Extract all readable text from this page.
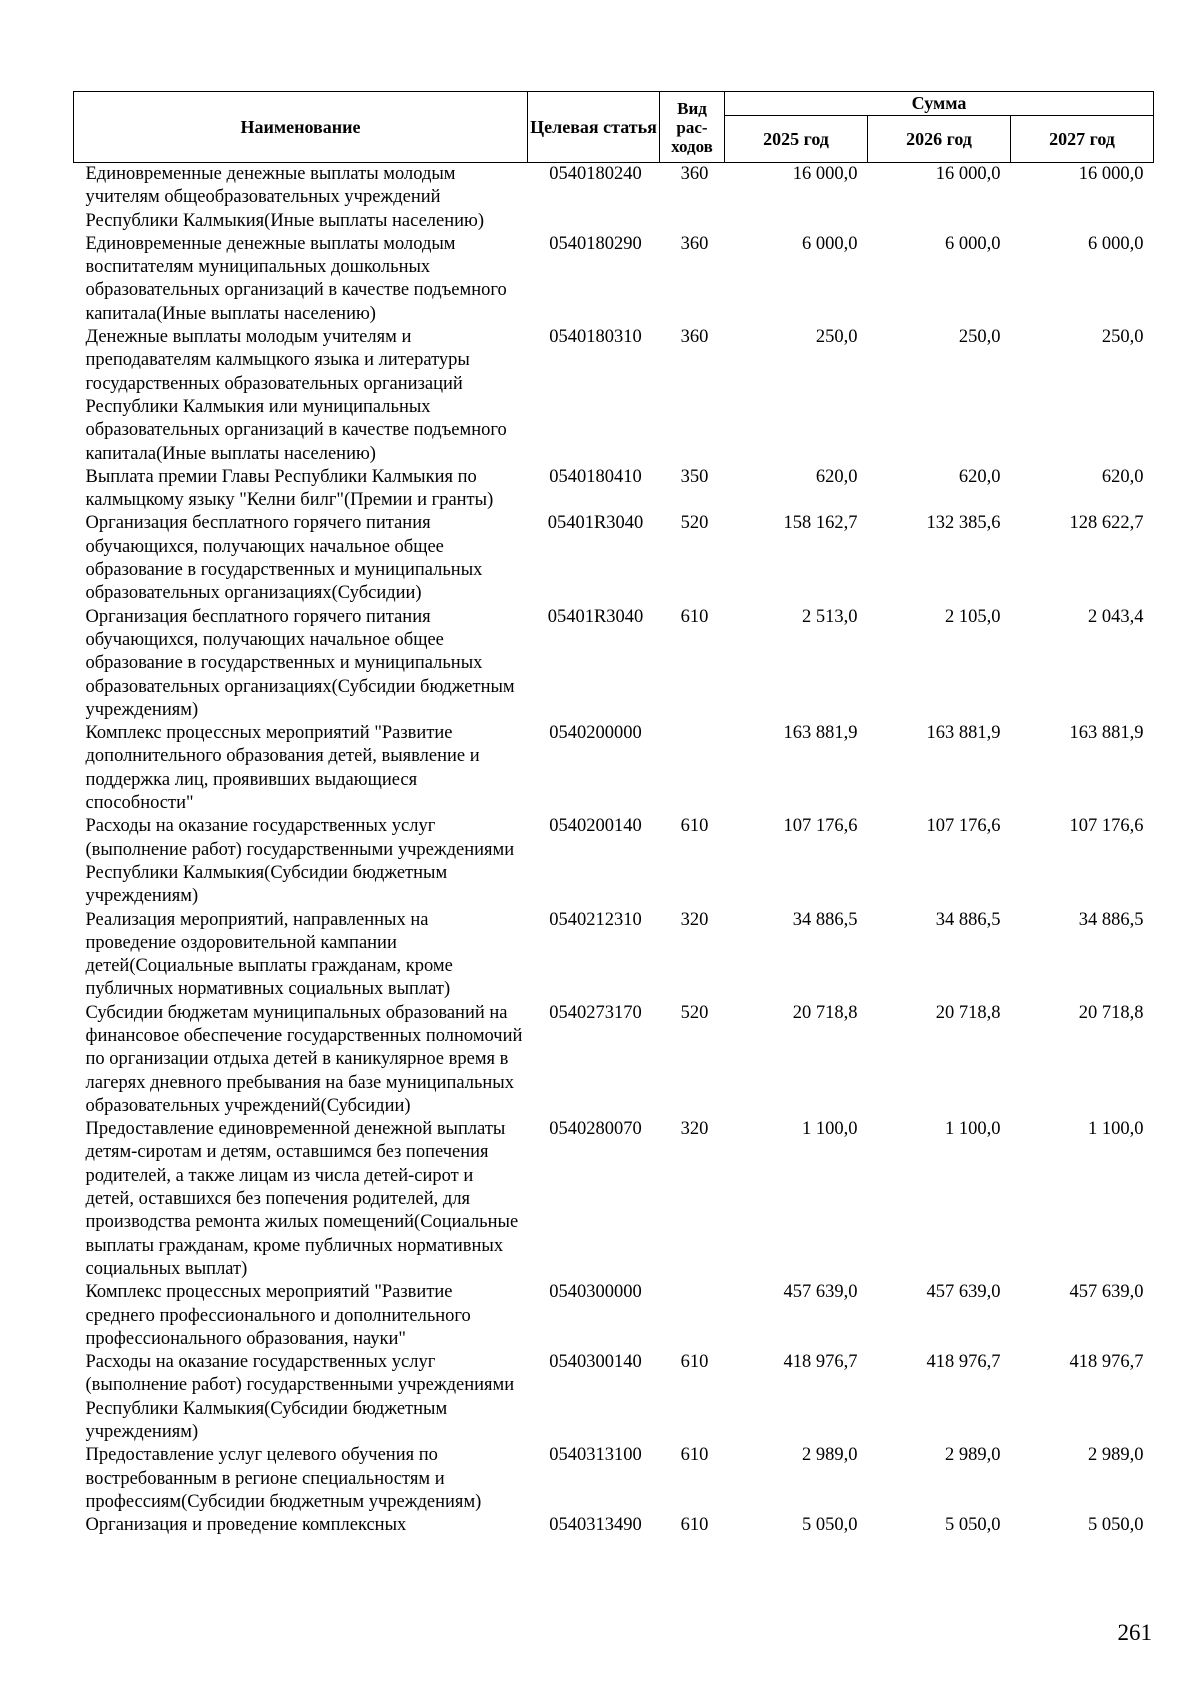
Наименование	Целевая статья	Вид рас-ходов	Сумма		
			2025 год	2026 год	2027 год
Единовременные денежные выплаты молодым учителям общеобразовательных учреждений Республики Калмыкия(Иные выплаты населению)	0540180240	360	16 000,0	16 000,0	16 000,0
Единовременные денежные выплаты молодым воспитателям муниципальных дошкольных образовательных организаций в качестве подъемного капитала(Иные выплаты населению)	0540180290	360	6 000,0	6 000,0	6 000,0
Денежные выплаты молодым учителям и преподавателям калмыцкого языка и литературы государственных образовательных организаций Республики Калмыкия или муниципальных образовательных организаций в качестве подъемного капитала(Иные выплаты населению)	0540180310	360	250,0	250,0	250,0
Выплата премии Главы Республики Калмыкия по калмыцкому языку "Келни билг"(Премии и гранты)	0540180410	350	620,0	620,0	620,0
Организация бесплатного горячего питания обучающихся, получающих начальное общее образование в государственных и муниципальных образовательных организациях(Субсидии)	05401R3040	520	158 162,7	132 385,6	128 622,7
Организация бесплатного горячего питания обучающихся, получающих начальное общее образование в государственных и муниципальных образовательных организациях(Субсидии бюджетным учреждениям)	05401R3040	610	2 513,0	2 105,0	2 043,4
Комплекс процессных мероприятий "Развитие дополнительного образования детей, выявление и поддержка лиц, проявивших выдающиеся способности"	0540200000		163 881,9	163 881,9	163 881,9
Расходы на оказание государственных услуг (выполнение работ) государственными учреждениями Республики Калмыкия(Субсидии бюджетным учреждениям)	0540200140	610	107 176,6	107 176,6	107 176,6
Реализация мероприятий, направленных на проведение оздоровительной кампании детей(Социальные выплаты гражданам, кроме публичных нормативных социальных выплат)	0540212310	320	34 886,5	34 886,5	34 886,5
Субсидии бюджетам муниципальных образований на финансовое обеспечение государственных полномочий по организации отдыха детей в каникулярное время в лагерях дневного пребывания на базе муниципальных образовательных учреждений(Субсидии)	0540273170	520	20 718,8	20 718,8	20 718,8
Предоставление единовременной денежной выплаты детям-сиротам и детям, оставшимся без попечения родителей, а также лицам из числа детей-сирот и детей, оставшихся без попечения родителей, для производства ремонта жилых помещений(Социальные выплаты гражданам, кроме публичных нормативных социальных выплат)	0540280070	320	1 100,0	1 100,0	1 100,0
Комплекс процессных мероприятий "Развитие среднего профессионального и дополнительного профессионального образования, науки"	0540300000		457 639,0	457 639,0	457 639,0
Расходы на оказание государственных услуг (выполнение работ) государственными учреждениями Республики Калмыкия(Субсидии бюджетным учреждениям)	0540300140	610	418 976,7	418 976,7	418 976,7
Предоставление услуг целевого обучения по востребованным в регионе специальностям и профессиям(Субсидии бюджетным учреждениям)	0540313100	610	2 989,0	2 989,0	2 989,0
Организация и проведение комплексных	0540313490	610	5 050,0	5 050,0	5 050,0
261
